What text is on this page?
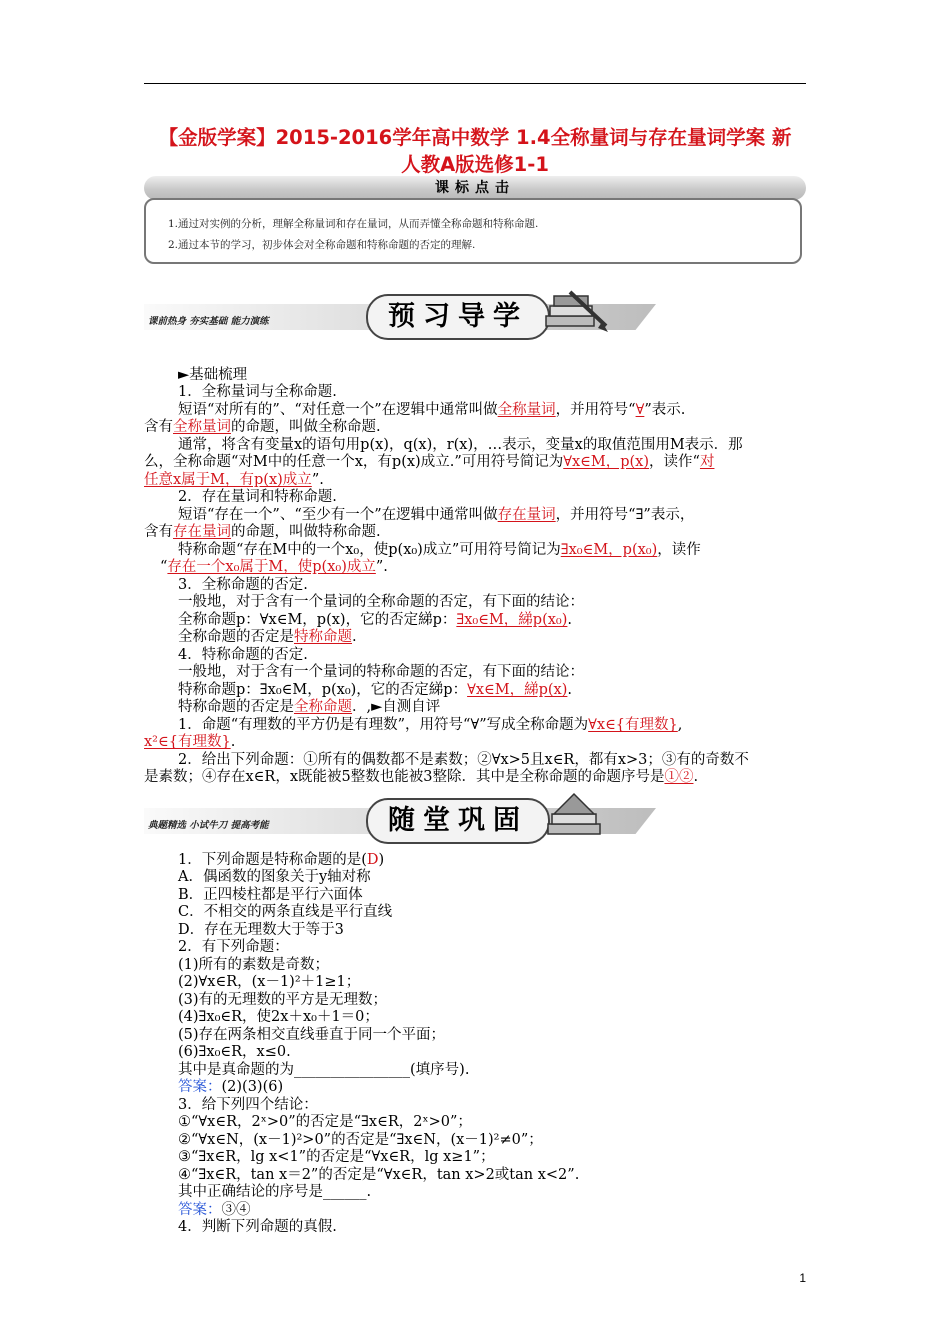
【金版学案】2015-2016学年高中数学 1.4全称量词与存在量词学案 新
人教A版选修1-1
课标点击
1.通过对实例的分析，理解全称量词和存在量词，从而弄懂全称命题和特称命题.
2.通过本节的学习，初步体会对全称命题和特称命题的否定的理解.
课前热身 夯实基础 能力演练	预习导学
典题精选 小试牛刀 提高考能	随堂巩固
►基础梳理
1．全称量词与全称命题.
短语“对所有的”、“对任意一个”在逻辑中通常叫做全称量词，并用符号“∀”表示.
含有全称量词的命题，叫做全称命题.
通常，将含有变量x的语句用p(x)，q(x)，r(x)，…表示，变量x的取值范围用M表示．那
么，全称命题“对M中的任意一个x，有p(x)成立.”可用符号简记为∀x∈M，p(x)，读作“对
任意x属于M，有p(x)成立”.
2．存在量词和特称命题.
短语“存在一个”、“至少有一个”在逻辑中通常叫做存在量词，并用符号“∃”表示，
含有存在量词的命题，叫做特称命题.
特称命题“存在M中的一个x₀，使p(x₀)成立”可用符号简记为∃x₀∈M，p(x₀)，读作
“存在一个x₀属于M，使p(x₀)成立”.
3．全称命题的否定.
一般地，对于含有一个量词的全称命题的否定，有下面的结论：
全称命题p：∀x∈M，p(x)，它的否定綈p：∃x₀∈M，綈p(x₀).
全称命题的否定是特称命题.
4．特称命题的否定.
一般地，对于含有一个量词的特称命题的否定，有下面的结论：
特称命题p：∃x₀∈M，p(x₀)，它的否定綈p：∀x∈M，綈p(x).
特称命题的否定是全称命题．,►自测自评
1．命题“有理数的平方仍是有理数”，用符号“∀”写成全称命题为∀x∈{有理数},
x²∈{有理数}.
2．给出下列命题：①所有的偶数都不是素数；②∀x>5且x∈R，都有x>3；③有的奇数不
是素数；④存在x∈R，x既能被5整数也能被3整除．其中是全称命题的命题序号是①②.
1．下列命题是特称命题的是(D)
A．偶函数的图象关于y轴对称
B．正四棱柱都是平行六面体
C．不相交的两条直线是平行直线
D．存在无理数大于等于3
2．有下列命题：
(1)所有的素数是奇数；
(2)∀x∈R，(x－1)²＋1≥1；
(3)有的无理数的平方是无理数；
(4)∃x₀∈R，使2x＋x₀＋1＝0；
(5)存在两条相交直线垂直于同一个平面；
(6)∃x₀∈R，x≤0.
其中是真命题的为________________(填序号).
答案：(2)(3)(6)
3．给下列四个结论：
①“∀x∈R，2ˣ>0”的否定是“∃x∈R，2ˣ>0”；
②“∀x∈N，(x－1)²>0”的否定是“∃x∈N，(x－1)²≠0”；
③“∃x∈R，lg x<1”的否定是“∀x∈R，lg x≥1”；
④“∃x∈R，tan x＝2”的否定是“∀x∈R，tan x>2或tan x<2”.
其中正确结论的序号是______.
答案：③④
4．判断下列命题的真假.
1
